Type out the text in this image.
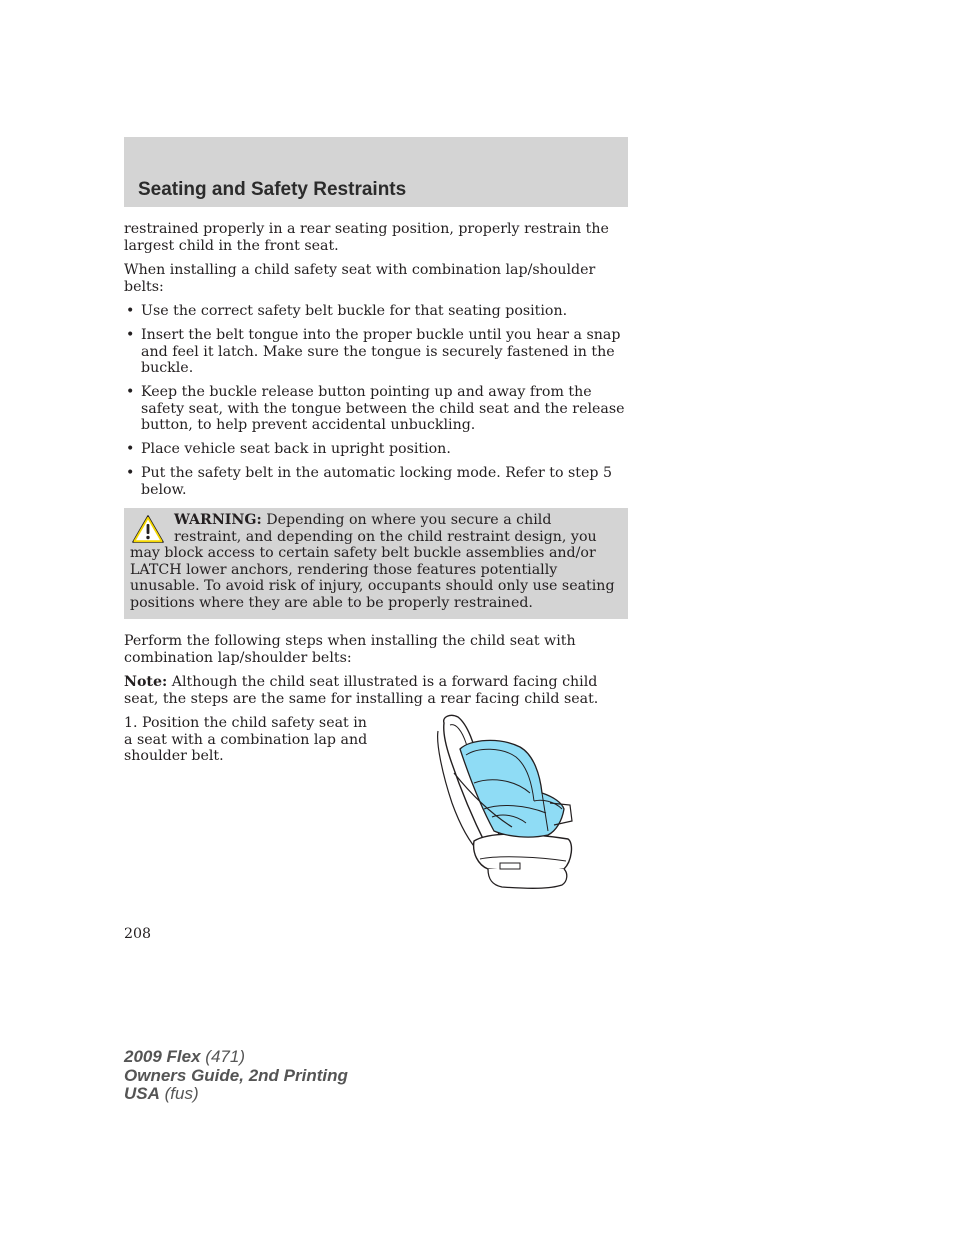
Seating and Safety Restraints

restrained properly in a rear seating position, properly restrain the largest child in the front seat.

When installing a child safety seat with combination lap/shoulder belts:

• Use the correct safety belt buckle for that seating position.
• Insert the belt tongue into the proper buckle until you hear a snap and feel it latch. Make sure the tongue is securely fastened in the buckle.
• Keep the buckle release button pointing up and away from the safety seat, with the tongue between the child seat and the release button, to help prevent accidental unbuckling.
• Place vehicle seat back in upright position.
• Put the safety belt in the automatic locking mode. Refer to step 5 below.
WARNING: Depending on where you secure a child restraint, and depending on the child restraint design, you may block access to certain safety belt buckle assemblies and/or LATCH lower anchors, rendering those features potentially unusable. To avoid risk of injury, occupants should only use seating positions where they are able to be properly restrained.

Perform the following steps when installing the child seat with combination lap/shoulder belts:

Note: Although the child seat illustrated is a forward facing child seat, the steps are the same for installing a rear facing child seat.

1. Position the child safety seat in a seat with a combination lap and shoulder belt.

208
2009 Flex (471)
Owners Guide, 2nd Printing
USA (fus)
